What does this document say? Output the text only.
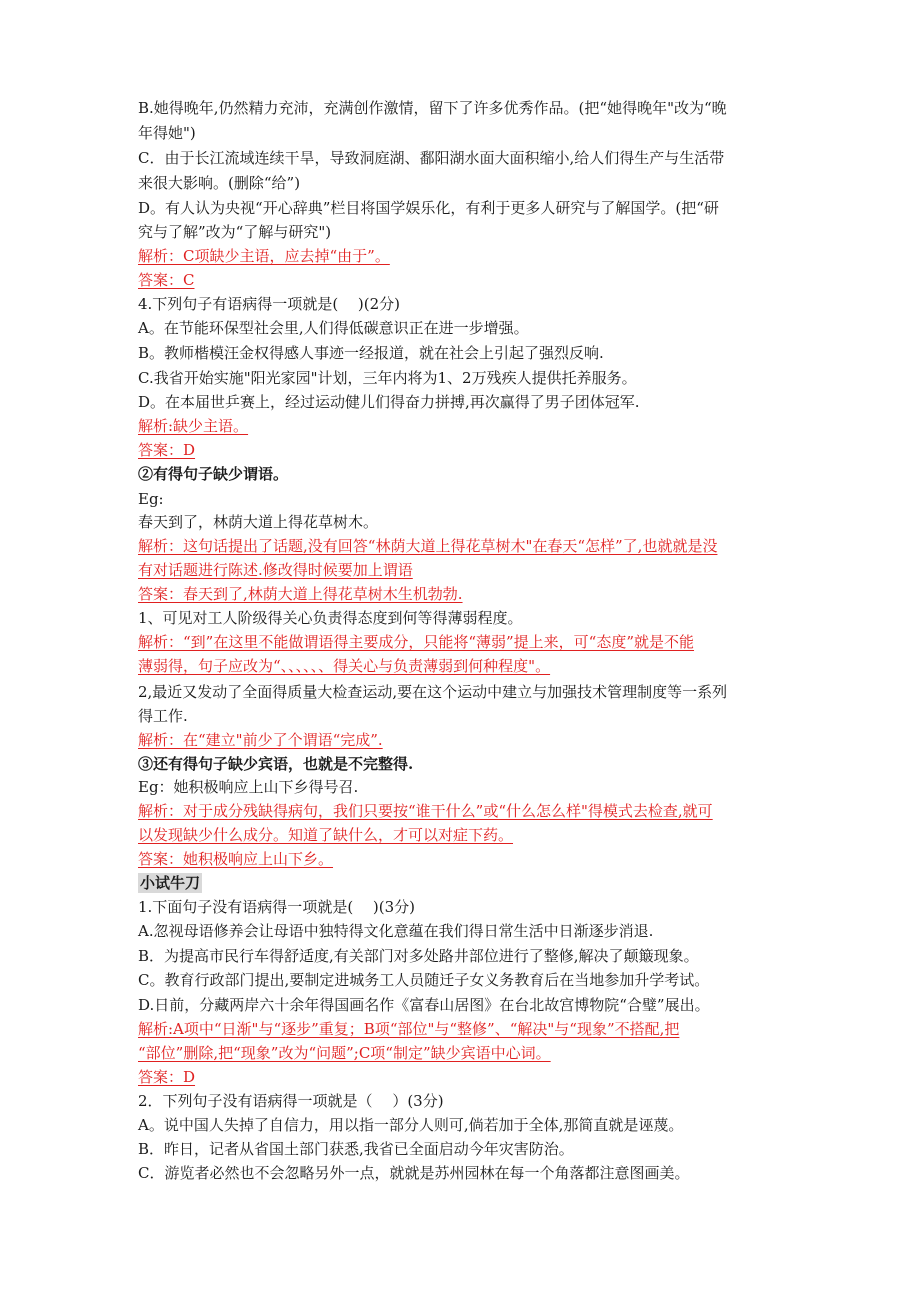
B.她得晚年,仍然精力充沛，充满创作激情，留下了许多优秀作品。(把“她得晚年"改为“晚
年得她")
C．由于长江流域连续干旱，导致洞庭湖、鄱阳湖水面大面积缩小,给人们得生产与生活带
来很大影响。(删除“给”)
D。有人认为央视“开心辞典”栏目将国学娱乐化，有利于更多人研究与了解国学。(把“研
究与了解”改为“了解与研究")
解析：C项缺少主语，应去掉“由于”。
答案：C
4.下列句子有语病得一项就是(　 )(2分)
A。在节能环保型社会里,人们得低碳意识正在进一步增强。
B。教师楷模汪金权得感人事迹一经报道，就在社会上引起了强烈反响.
C.我省开始实施"阳光家园"计划，三年内将为1、2万残疾人提供托养服务。
D。在本届世乒赛上，经过运动健儿们得奋力拼搏,再次赢得了男子团体冠军.
解析:缺少主语。
答案：D
②有得句子缺少谓语。
Eg:
春天到了，林荫大道上得花草树木。
解析：这句话提出了话题,没有回答“林荫大道上得花草树木"在春天“怎样”了,也就就是没
有对话题进行陈述.修改得时候要加上谓语
答案：春天到了,林荫大道上得花草树木生机勃勃.
1、可见对工人阶级得关心负责得态度到何等得薄弱程度。
解析：“到”在这里不能做谓语得主要成分，只能将“薄弱”提上来，可“态度”就是不能
薄弱得，句子应改为“、、、、、、得关心与负责薄弱到何种程度"。
2,最近又发动了全面得质量大检查运动,要在这个运动中建立与加强技术管理制度等一系列
得工作.
解析：在“建立"前少了个谓语“完成”.
③还有得句子缺少宾语，也就是不完整得.
Eg：她积极响应上山下乡得号召.
解析：对于成分残缺得病句，我们只要按“谁干什么”或“什么怎么样"得模式去检查,就可
以发现缺少什么成分。知道了缺什么，才可以对症下药。
答案：她积极响应上山下乡。
小试牛刀
1.下面句子没有语病得一项就是(　 )(3分)
A.忽视母语修养会让母语中独特得文化意蕴在我们得日常生活中日渐逐步消退.
B．为提高市民行车得舒适度,有关部门对多处路井部位进行了整修,解决了颠簸现象。
C。教育行政部门提出,要制定进城务工人员随迁子女义务教育后在当地参加升学考试。
D.日前，分藏两岸六十余年得国画名作《富春山居图》在台北故宫博物院“合璧”展出。
解析:A项中“日渐"与“逐步”重复；B项“部位"与“整修”、“解决"与“现象”不搭配,把
“部位”删除,把“现象”改为“问题”;C项“制定”缺少宾语中心词。
答案：D
2．下列句子没有语病得一项就是（　 ）(3分)
A。说中国人失掉了自信力，用以指一部分人则可,倘若加于全体,那简直就是诬蔑。
B．昨日，记者从省国土部门获悉,我省已全面启动今年灾害防治。
C．游览者必然也不会忽略另外一点，就就是苏州园林在每一个角落都注意图画美。
